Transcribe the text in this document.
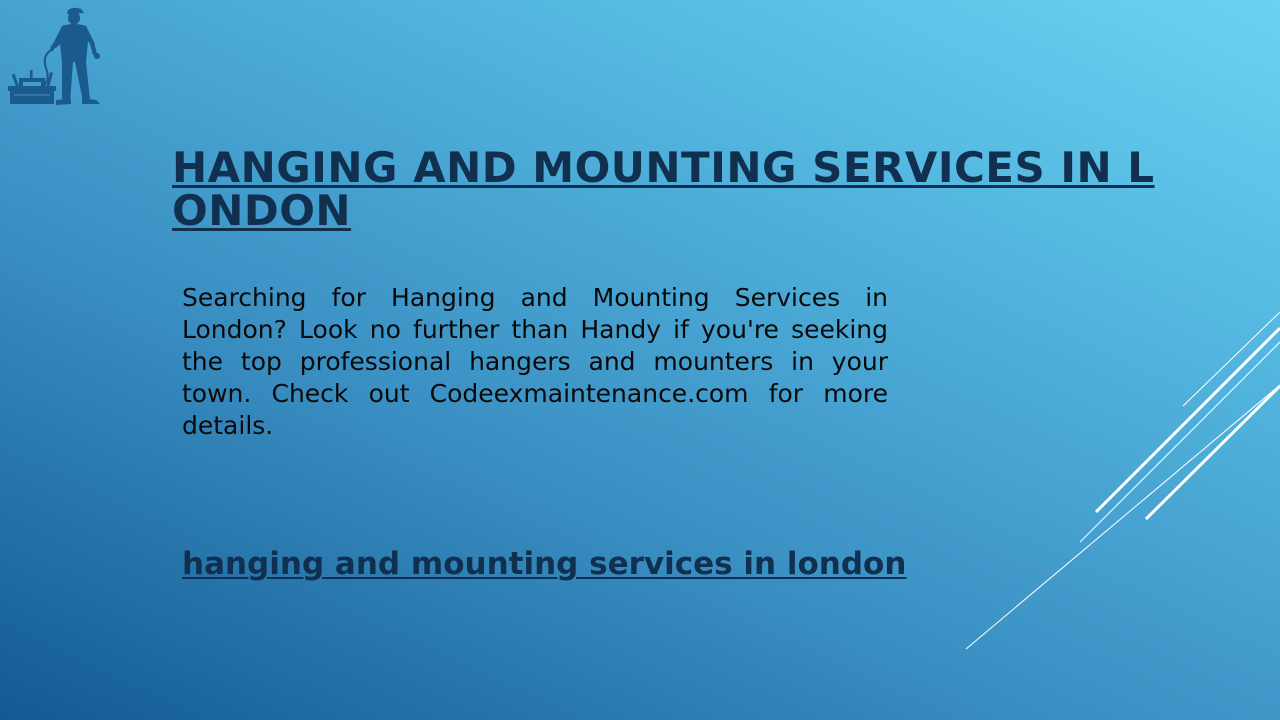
HANGING AND MOUNTING SERVICES IN LONDON

Searching for Hanging and Mounting Services in London? Look no further than Handy if you're seeking the top professional hangers and mounters in your town. Check out Codeexmaintenance.com for more details.

hanging and mounting services in london
